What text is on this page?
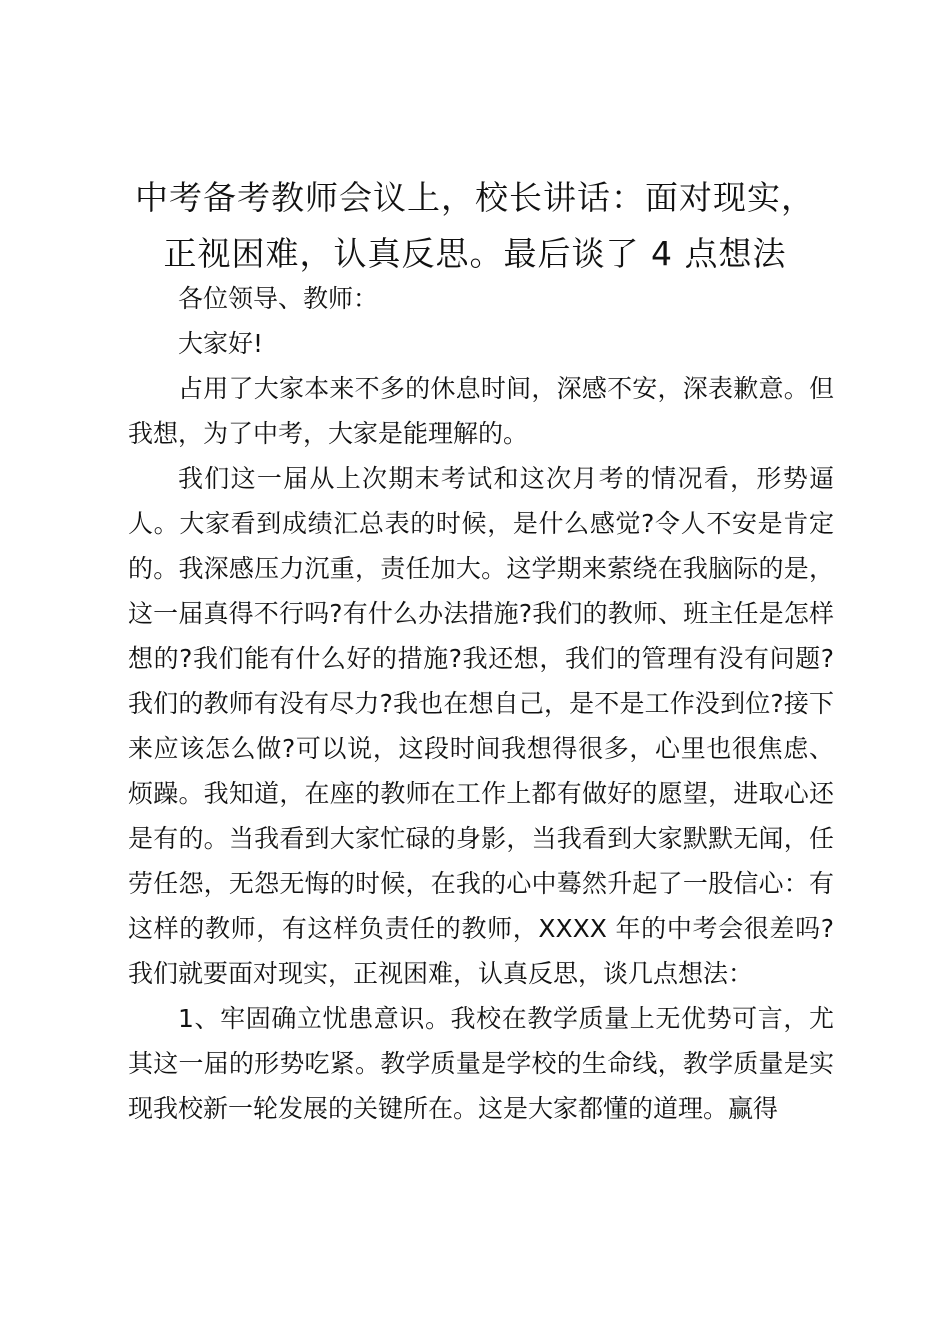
中考备考教师会议上，校长讲话：面对现实，
正视困难，认真反思。最后谈了 4 点想法

各位领导、教师：

大家好!

占用了大家本来不多的休息时间，深感不安，深表歉意。但我想，为了中考，大家是能理解的。

我们这一届从上次期末考试和这次月考的情况看，形势逼人。大家看到成绩汇总表的时候，是什么感觉?令人不安是肯定的。我深感压力沉重，责任加大。这学期来萦绕在我脑际的是，这一届真得不行吗?有什么办法措施?我们的教师、班主任是怎样想的?我们能有什么好的措施?我还想，我们的管理有没有问题?我们的教师有没有尽力?我也在想自己，是不是工作没到位?接下来应该怎么做?可以说，这段时间我想得很多，心里也很焦虑、烦躁。我知道，在座的教师在工作上都有做好的愿望，进取心还是有的。当我看到大家忙碌的身影，当我看到大家默默无闻，任劳任怨，无怨无悔的时候，在我的心中蓦然升起了一股信心：有这样的教师，有这样负责任的教师，XXXX 年的中考会很差吗?我们就要面对现实，正视困难，认真反思，谈几点想法：

1、牢固确立忧患意识。我校在教学质量上无优势可言，尤其这一届的形势吃紧。教学质量是学校的生命线，教学质量是实现我校新一轮发展的关键所在。这是大家都懂的道理。赢得
